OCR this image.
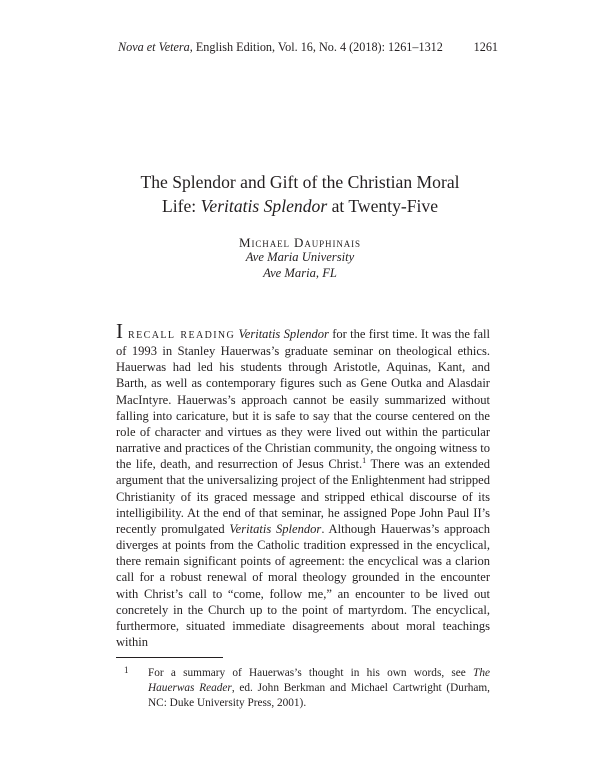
Nova et Vetera, English Edition, Vol. 16, No. 4 (2018): 1261–1312	1261
The Splendor and Gift of the Christian Moral
Life: Veritatis Splendor at Twenty-Five
Michael Dauphinais
Ave Maria University
Ave Maria, FL
I recall reading Veritatis Splendor for the first time. It was the fall of 1993 in Stanley Hauerwas’s graduate seminar on theological ethics. Hauerwas had led his students through Aristotle, Aquinas, Kant, and Barth, as well as contemporary figures such as Gene Outka and Alasdair MacIntyre. Hauerwas’s approach cannot be easily summarized without falling into caricature, but it is safe to say that the course centered on the role of character and virtues as they were lived out within the particular narrative and practices of the Christian community, the ongoing witness to the life, death, and resurrection of Jesus Christ.$^1$ There was an extended argument that the universalizing project of the Enlightenment had stripped Christianity of its graced message and stripped ethical discourse of its intelligibility. At the end of that seminar, he assigned Pope John Paul II’s recently promulgated Veritatis Splendor. Although Hauerwas’s approach diverges at points from the Catholic tradition expressed in the encyclical, there remain significant points of agreement: the encyclical was a clarion call for a robust renewal of moral theology grounded in the encounter with Christ’s call to “come, follow me,” an encounter to be lived out concretely in the Church up to the point of martyrdom. The encyclical, furthermore, situated immediate disagreements about moral teachings within
1 For a summary of Hauerwas’s thought in his own words, see The Hauerwas Reader, ed. John Berkman and Michael Cartwright (Durham, NC: Duke University Press, 2001).
